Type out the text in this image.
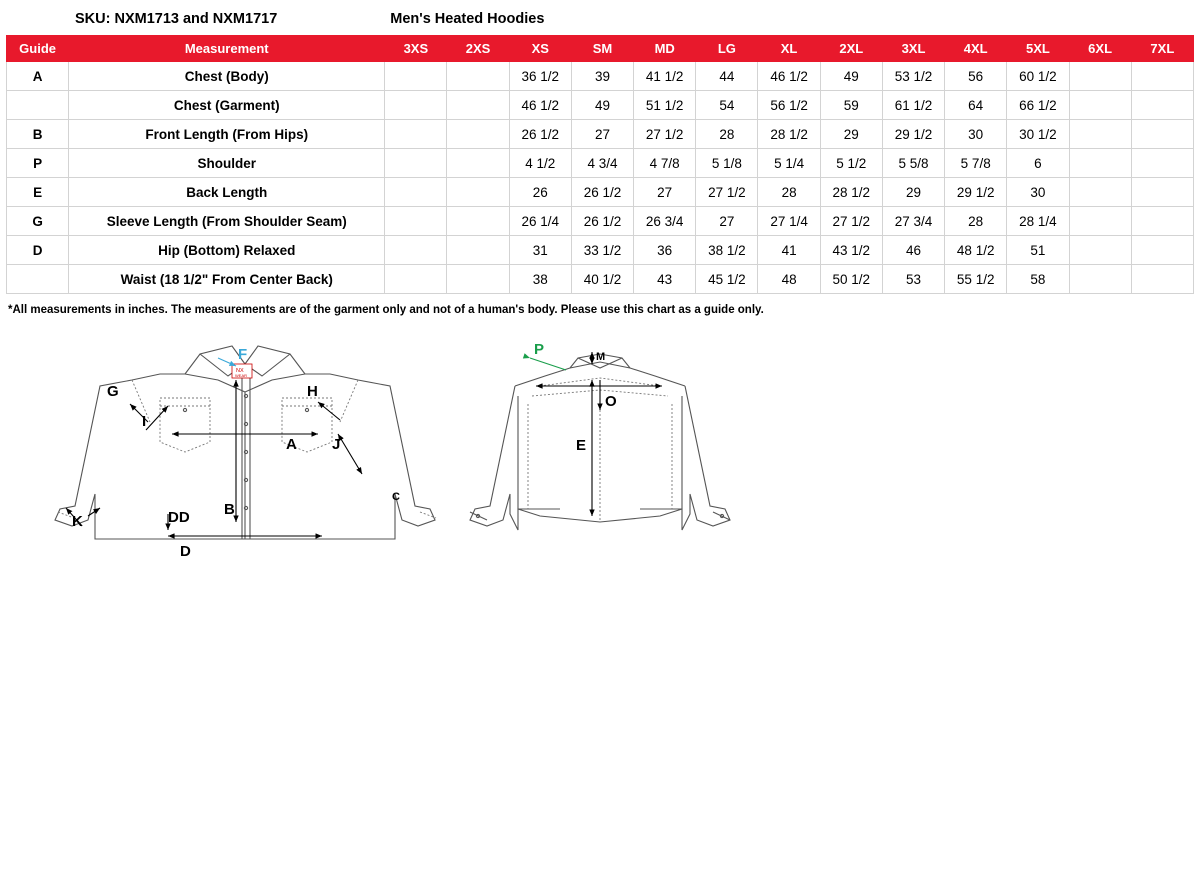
SKU: NXM1713 and NXM1717	Men's Heated Hoodies
Guide	Measurement	3XS	2XS	XS	SM	MD	LG	XL	2XL	3XL	4XL	5XL	6XL	7XL
A	Chest (Body)			36 1/2	39	41 1/2	44	46 1/2	49	53 1/2	56	60 1/2		
	Chest (Garment)			46 1/2	49	51 1/2	54	56 1/2	59	61 1/2	64	66 1/2		
B	Front Length (From Hips)			26 1/2	27	27 1/2	28	28 1/2	29	29 1/2	30	30 1/2		
P	Shoulder			4 1/2	4 3/4	4 7/8	5 1/8	5 1/4	5 1/2	5 5/8	5 7/8	6		
E	Back Length			26	26 1/2	27	27 1/2	28	28 1/2	29	29 1/2	30		
G	Sleeve Length (From Shoulder Seam)			26 1/4	26 1/2	26 3/4	27	27 1/4	27 1/2	27 3/4	28	28 1/4		
D	Hip (Bottom) Relaxed			31	33 1/2	36	38 1/2	41	43 1/2	46	48 1/2	51		
	Waist (18 1/2" From Center Back)			38	40 1/2	43	45 1/2	48	50 1/2	53	55 1/2	58		
*All measurements in inches. The measurements are of the garment only and not of a human's body. Please use this chart as a guide only.
NX
WEAR
F
G
I
H
A J
K
B
DD
D
C
P	M
O
E
